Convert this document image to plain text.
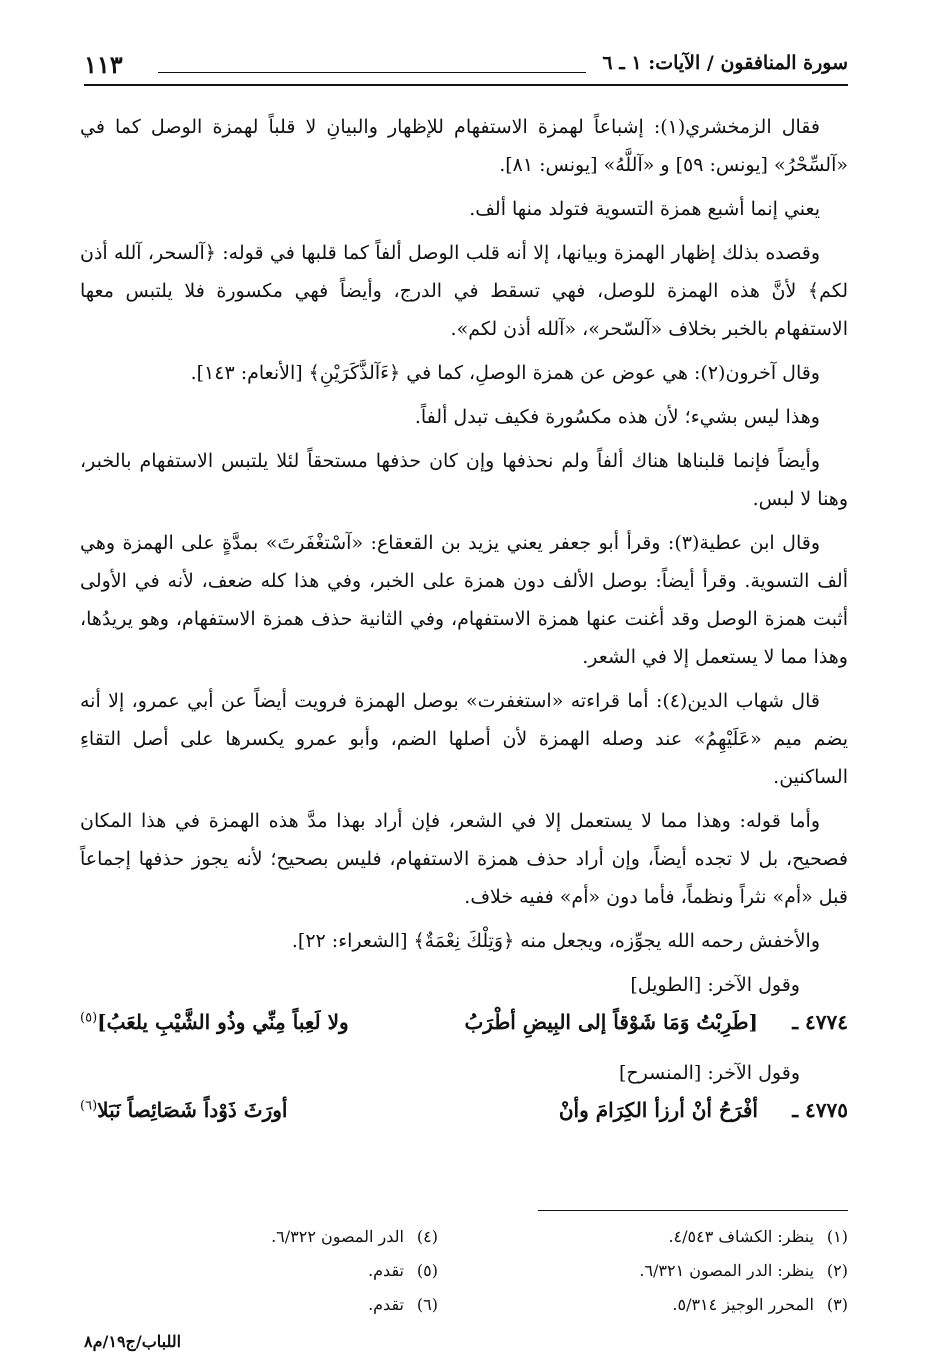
سورة المنافقون / الآيات: ١ ـ ٦
١١٣

فقال الزمخشري(١): إشباعاً لهمزة الاستفهام للإظهار والبيانِ لا قلباً لهمزة الوصل كما في «آلسِّحْرُ» [يونس: ٥٩] و «آللَّهُ» [يونس: ٨١].

يعني إنما أشبع همزة التسوية فتولد منها ألف.

وقصده بذلك إظهار الهمزة وبيانها، إلا أنه قلب الوصل ألفاً كما قلبها في قوله: ﴿آلسحر، آلله أذن لكم﴾ لأنَّ هذه الهمزة للوصل، فهي تسقط في الدرج، وأيضاً فهي مكسورة فلا يلتبس معها الاستفهام بالخبر بخلاف «آلسّحر»، «آلله أذن لكم».

وقال آخرون(٢): هي عوض عن همزة الوصلِ، كما في ﴿ءَآلذَّكَرَيْنِ﴾ [الأنعام: ١٤٣].

وهذا ليس بشيء؛ لأن هذه مكسُورة فكيف تبدل ألفاً.

وأيضاً فإنما قلبناها هناك ألفاً ولم نحذفها وإن كان حذفها مستحقاً لئلا يلتبس الاستفهام بالخبر، وهنا لا لبس.

وقال ابن عطية(٣): وقرأ أبو جعفر يعني يزيد بن القعقاع: «آسْتغْفَرتَ» بمدَّةٍ على الهمزة وهي ألف التسوية. وقرأ أيضاً: بوصل الألف دون همزة على الخبر، وفي هذا كله ضعف، لأنه في الأولى أثبت همزة الوصل وقد أغنت عنها همزة الاستفهام، وفي الثانية حذف همزة الاستفهام، وهو يريدُها، وهذا مما لا يستعمل إلا في الشعر.

قال شهاب الدين(٤): أما قراءته «استغفرت» بوصل الهمزة فرويت أيضاً عن أبي عمرو، إلا أنه يضم ميم «عَلَيْهِمُ» عند وصله الهمزة لأن أصلها الضم، وأبو عمرو يكسرها على أصل التقاءِ الساكنين.

وأما قوله: وهذا مما لا يستعمل إلا في الشعر، فإن أراد بهذا مدَّ هذه الهمزة في هذا المكان فصحيح، بل لا تجده أيضاً، وإن أراد حذف همزة الاستفهام، فليس بصحيح؛ لأنه يجوز حذفها إجماعاً قبل «أم» نثراً ونظماً، فأما دون «أم» ففيه خلاف.

والأخفش رحمه الله يجوِّزه، ويجعل منه ﴿وَتِلْكَ نِعْمَةٌ﴾ [الشعراء: ٢٢].

وقول الآخر: [الطويل]

٤٧٧٤ ـ
[طَرِبْتُ وَمَا شَوْقاً إلى البِيضِ أطْرَبُ
ولا لَعِباً مِنِّي وذُو الشَّيْبِ يلعَبُ]$^{(٥)}$

وقول الآخر: [المنسرح]

٤٧٧٥ ـ
أفْرَحُ أنْ أرزأ الكِرَامَ وأنْ
أورَثَ ذَوْداً شَصَائِصاً نَبَلا$^{(٦)}$
(١)ينظر: الكشاف ٤/٥٤٣.
(٢)ينظر: الدر المصون ٦/٣٢١.
(٣)المحرر الوجيز ٥/٣١٤.
(٤)الدر المصون ٦/٣٢٢.
(٥)تقدم.
(٦)تقدم.
اللباب/ج١٩/م٨
